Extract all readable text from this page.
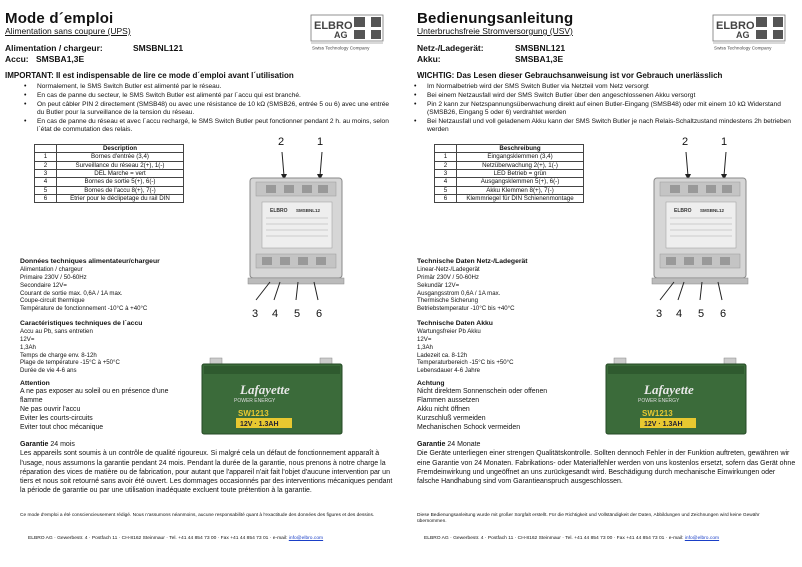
Mode d´emploi
Alimentation sans coupure (UPS)	ELBRO
AG
Swiss Technology Company
Alimentation / chargeur:	SMSBNL121
Accu: SMSBA1,3E
IMPORTANT: Il est indispensable de lire ce mode d´emploi avant l´utilisation
• Normalement, le SMS Switch Butler est alimenté par le réseau.
• En cas de panne du secteur, le SMS Switch Butler est alimenté par l´accu qui est branché.
• On peut câbler PIN 2 directement (SMSB48) ou avec une résistance de 10 kΩ (SMSB26, entrée 5 ou 6) avec une entrée du Butler pour la surveillance de la tension du réseau.
• En cas de panne du réseau et avec l´accu rechargé, le SMS Switch Butler peut fonctionner pendant 2 h. au moins, selon l´état de commutation des relais.
	Description
1	Bornes d'entrée (3,4)
2	Surveillance du réseau 2(+), 1(-)
3	DEL Marche = vert
4	Bornes de sortie 5(+), 6(-)
5	Bornes de l'accu 8(+), 7(-)
6	Etrier pour le déclipetage du rail DIN
2	1
ELBRO SMSBNL12
3 4 5 6
Données techniques alimentateur/chargeur
Alimentation / chargeur
Primaire 230V / 50-60Hz
Secondaire 12V=
Courant de sortie max. 0,6A / 1A max.
Coupe-circuit thermique
Température de fonctionnement -10°C à +40°C
Caractéristiques techniques de l´accu
Accu au Pb, sans entretien
12V=
1,3Ah
Temps de charge env. 8-12h
Plage de température -15°C à +50°C
Durée de vie 4-6 ans
Attention
A ne pas exposer au soleil ou en présence d'une flamme
Ne pas ouvrir l'accu
Eviter les courts-circuits
Eviter tout choc mécanique
Lafayette
POWER ENERGY
SW1213
12V · 1.3AH
Garantie 24 mois
Les appareils sont soumis à un contrôle de qualité rigoureux. Si malgré cela un défaut de fonctionnement apparaît à l'usage, nous assumons la garantie pendant 24 mois. Pendant la durée de la garantie, nous prenons à notre charge la réparation des vices de matière ou de fabrication, pour autant que l'appareil n'ait fait l'objet d'aucune intervention par un tiers et nous soit retourné sans avoir été ouvert. Les dommages occasionnés par des interventions mécaniques pendant la période de garantie ou par une utilisation inadéquate excluent toute prétention à la garantie.
Ce mode d'emploi a été consciencieusement rédigé. Nous n'assumons néanmoins, aucune responsabilité quant à l'exactitude des données des figures et des dessins.
ELBRO AG · Gewerbestr. 4 · Postfach 11 · CH-8162 Steinmaur · Tel. +41 44 854 73 00 · Fax +41 44 854 73 01 · e-mail: info@elbro.com
Bedienungsanleitung
Unterbruchsfreie Stromversorgung (USV)	ELBRO
AG
Swiss Technology Company
Netz-/Ladegerät:	SMSBNL121
Akku:	SMSBA1,3E
WICHTIG: Das Lesen dieser Gebrauchsanweisung ist vor Gebrauch unerlässlich
• Im Normalbetrieb wird der SMS Switch Butler via Netzteil vom Netz versorgt
• Bei einem Netzausfall wird der SMS Switch Butler über den angeschlossenen Akku versorgt
• Pin 2 kann zur Netzspannungsüberwachung direkt auf einen Butler-Eingang (SMSB48) oder mit einem 10 kΩ Widerstand (SMSB26, Eingang 5 oder 6) verdrahtet werden
• Bei Netzausfall und voll geladenem Akku kann der SMS Switch Butler je nach Relais-Schaltzustand mindestens 2h betrieben werden
	Beschreibung
1	Eingangsklemmen (3,4)
2	Netzüberwachung 2(+), 1(-)
3	LED Betrieb = grün
4	Ausgangsklemmen 5(+), 6(-)
5	Akku Klemmen 8(+), 7(-)
6	Klemmriegel für DIN Schienenmontage
2	1
ELBRO SMSBNL12
3 4 5 6
Technische Daten Netz-/Ladegerät
Linear-Netz-/Ladegerät
Primär 230V / 50-60Hz
Sekundär 12V=
Ausgangsstrom 0,6A / 1A max.
Thermische Sicherung
Betriebstemperatur -10°C bis +40°C
Technische Daten Akku
Wartungsfreier Pb Akku
12V=
1,3Ah
Ladezeit ca. 8-12h
Temperaturbereich -15°C bis +50°C
Lebensdauer 4-6 Jahre
Achtung
Nicht direktem Sonnenschein oder offenen Flammen aussetzen
Akku nicht öffnen
Kurzschluß vermeiden
Mechanischen Schock vermeiden
Lafayette
POWER ENERGY
SW1213
12V · 1.3AH
Garantie 24 Monate
Die Geräte unterliegen einer strengen Qualitätskontrolle. Sollten dennoch Fehler in der Funktion auftreten, gewähren wir eine Garantie von 24 Monaten. Fabrikations- oder Materialfehler werden von uns kostenlos ersetzt, sofern das Gerät ohne Fremdeinwirkung und ungeöffnet an uns zurückgesandt wird. Beschädigung durch mechanische Einwirkungen oder falsche Handhabung sind vom Garantieanspruch ausgeschlossen.
Diese Bedienungsanleitung wurde mit großer Sorgfalt erstellt. Für die Richtigkeit und Vollständigkeit der Daten, Abbildungen und Zeichnungen wird keine Gewähr übernommen.
ELBRO AG · Gewerbestr. 4 · Postfach 11 · CH-8162 Steinmaur · Tel. +41 44 854 73 00 · Fax +41 44 854 73 01 · e-mail: info@elbro.com
